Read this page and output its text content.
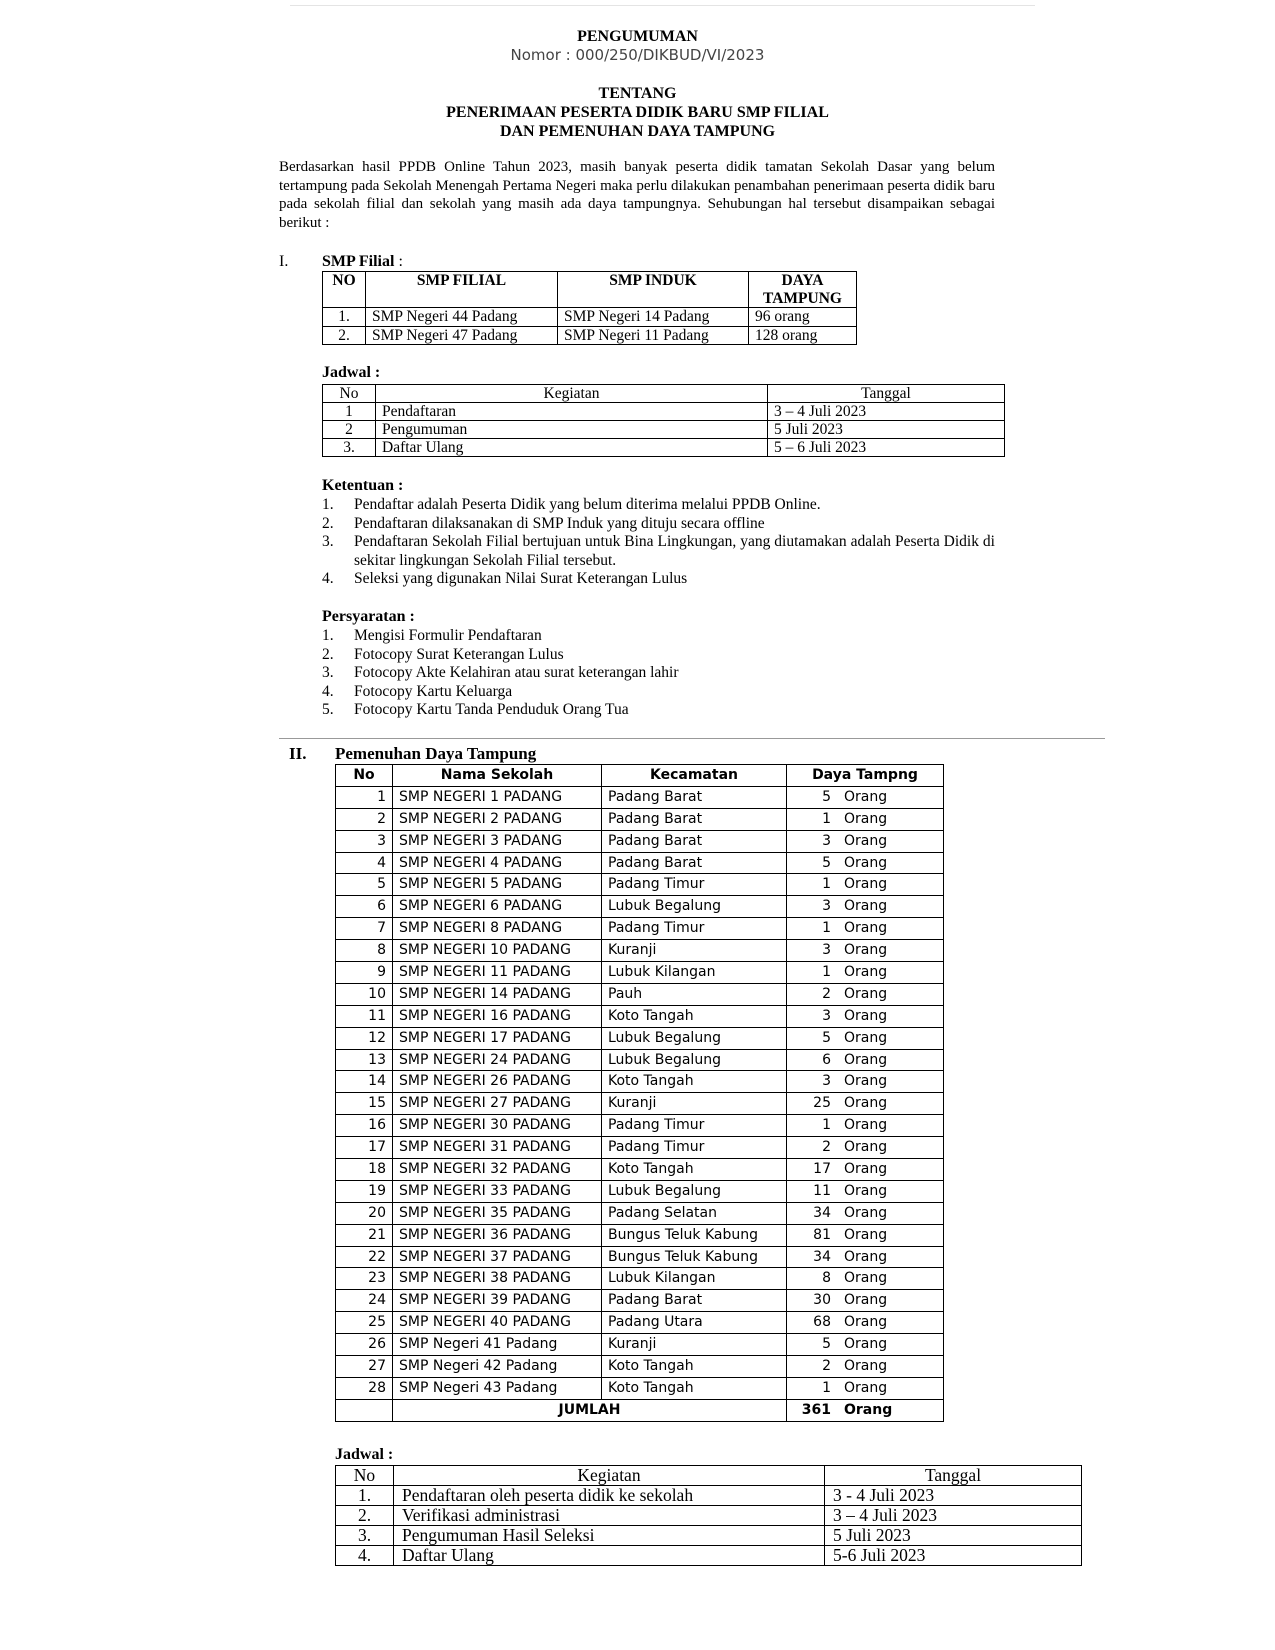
PENGUMUMAN
Nomor : 000/250/DIKBUD/VI/2023
TENTANG
PENERIMAAN PESERTA DIDIK BARU SMP FILIAL
DAN PEMENUHAN DAYA TAMPUNG
Berdasarkan hasil PPDB Online Tahun 2023, masih banyak peserta didik tamatan Sekolah Dasar yang belum tertampung pada Sekolah Menengah Pertama Negeri maka perlu dilakukan penambahan penerimaan peserta didik baru pada sekolah filial dan sekolah yang masih ada daya tampungnya. Sehubungan hal tersebut disampaikan sebagai berikut :
I. SMP Filial :
NO	SMP FILIAL	SMP INDUK	DAYA
TAMPUNG

1.	SMP Negeri 44 Padang	SMP Negeri 14 Padang	96 orang
2.	SMP Negeri 47 Padang	SMP Negeri 11 Padang	128 orang
Jadwal :
No	Kegiatan	Tanggal
1	Pendaftaran	3 – 4 Juli 2023
2	Pengumuman	5 Juli 2023
3.	Daftar Ulang	5 – 6 Juli 2023
Ketentuan :
1. Pendaftar adalah Peserta Didik yang belum diterima melalui PPDB Online.
2. Pendaftaran dilaksanakan di SMP Induk yang dituju secara offline
3. Pendaftaran Sekolah Filial bertujuan untuk Bina Lingkungan, yang diutamakan adalah Peserta Didik di sekitar lingkungan Sekolah Filial tersebut.
4. Seleksi yang digunakan Nilai Surat Keterangan Lulus
Persyaratan :
1. Mengisi Formulir Pendaftaran
2. Fotocopy Surat Keterangan Lulus
3. Fotocopy Akte Kelahiran atau surat keterangan lahir
4. Fotocopy Kartu Keluarga
5. Fotocopy Kartu Tanda Penduduk Orang Tua
II. Pemenuhan Daya Tampung
No	Nama Sekolah	Kecamatan	Daya Tampng
1	SMP NEGERI 1 PADANG	Padang Barat	5 Orang
2	SMP NEGERI 2 PADANG	Padang Barat	1 Orang
3	SMP NEGERI 3 PADANG	Padang Barat	3 Orang
4	SMP NEGERI 4 PADANG	Padang Barat	5 Orang
5	SMP NEGERI 5 PADANG	Padang Timur	1 Orang
6	SMP NEGERI 6 PADANG	Lubuk Begalung	3 Orang
7	SMP NEGERI 8 PADANG	Padang Timur	1 Orang
8	SMP NEGERI 10 PADANG	Kuranji	3 Orang
9	SMP NEGERI 11 PADANG	Lubuk Kilangan	1 Orang
10	SMP NEGERI 14 PADANG	Pauh	2 Orang
11	SMP NEGERI 16 PADANG	Koto Tangah	3 Orang
12	SMP NEGERI 17 PADANG	Lubuk Begalung	5 Orang
13	SMP NEGERI 24 PADANG	Lubuk Begalung	6 Orang
14	SMP NEGERI 26 PADANG	Koto Tangah	3 Orang
15	SMP NEGERI 27 PADANG	Kuranji	25 Orang
16	SMP NEGERI 30 PADANG	Padang Timur	1 Orang
17	SMP NEGERI 31 PADANG	Padang Timur	2 Orang
18	SMP NEGERI 32 PADANG	Koto Tangah	17 Orang
19	SMP NEGERI 33 PADANG	Lubuk Begalung	11 Orang
20	SMP NEGERI 35 PADANG	Padang Selatan	34 Orang
21	SMP NEGERI 36 PADANG	Bungus Teluk Kabung	81 Orang
22	SMP NEGERI 37 PADANG	Bungus Teluk Kabung	34 Orang
23	SMP NEGERI 38 PADANG	Lubuk Kilangan	8 Orang
24	SMP NEGERI 39 PADANG	Padang Barat	30 Orang
25	SMP NEGERI 40 PADANG	Padang Utara	68 Orang
26	SMP Negeri 41 Padang	Kuranji	5 Orang
27	SMP Negeri 42 Padang	Koto Tangah	2 Orang
28	SMP Negeri 43 Padang	Koto Tangah	1 Orang
	JUMLAH		361 Orang
Jadwal :
No	Kegiatan	Tanggal
1.	Pendaftaran oleh peserta didik ke sekolah	3 - 4 Juli 2023
2.	Verifikasi administrasi	3 – 4 Juli 2023
3.	Pengumuman Hasil Seleksi	5 Juli 2023
4.	Daftar Ulang	5-6 Juli 2023
